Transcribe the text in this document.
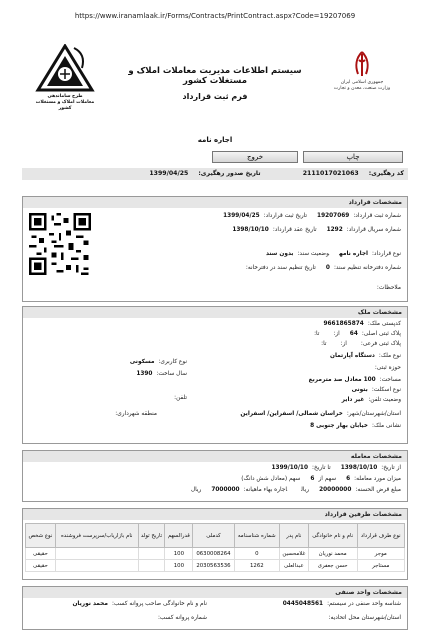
https://www.iranamlaak.ir/Forms/Contracts/PrintContract.aspx?Code=19207069
طرح ساماندهی
معاملات املاک و مستغلات کشور
سیستم اطلاعات مدیریت معاملات املاک و مستغلات کشور
فرم ثبت قرارداد
جمهوری اسلامی ایران
وزارت صنعت، معدن و تجارت
اجاره نامه
چاپ
خروج
کد رهگیری:2111017021063 تاریخ صدور رهگیری:1399/04/25
مشخصات قرارداد
شماره ثبت قرارداد:19207069تاریخ ثبت قرارداد:1399/04/25
شماره سریال قرارداد:1292تاریخ عقد قرارداد:1398/10/10
نوع قرارداد:اجاره نامهوضعیت سند:بدون سند
شماره دفترخانه تنظیم سند:0تاریخ تنظیم سند در دفترخانه:
ملاحظات:
مشخصات ملک
کدپستی ملک:9661865874
پلاک ثبتی اصلی:64از:تا:
پلاک ثبتی فرعی:از:تا:
نوع ملک:دستگاه آپارتمان
نوع کاربری:مسکونی
حوزه ثبتی:
سال ساخت:1390
مساحت:100 معادل صد مترمربع
نوع اسکلت:بتونی
وضعیت تلفن:غیر دایر
تلفن:
استان/شهرستان/شهر:خراسان شمالی/ اسفراین/ اسفراین
منطقه شهرداری:
نشانی ملک:خیابان بهار جنوبی 8
مشخصات معامله
از تاریخ:1398/10/10تا تاریخ:1399/10/10
میزان مورد معامله:6سهم از6سهم (معادل شش دانگ)
مبلغ قرض الحسنه:20000000ریالاجاره بهاء ماهیانه:7000000ریال
مشخصات طرفین قرارداد
نوع طرف قرارداد	نام و نام خانوادگی	نام پدر	شماره شناسنامه	کدملی	قدرالسهم	تاریخ تولد	نام بازاریاب/سرپرست فروشنده	نوع شخص
موجر	محمد نوریان	غلامحسین	0	0630008264	100			حقیقی
مستاجر	حسن جعفری	عبدالعلی	1262	2030563536	100			حقیقی
مشخصات واحد صنفی
شناسه واحد صنفی در سیستم:0445048561
نام و نام خانوادگی صاحب پروانه کسب:محمد نوریان
استان/شهرستان محل اتحادیه:
شماره پروانه کسب:
